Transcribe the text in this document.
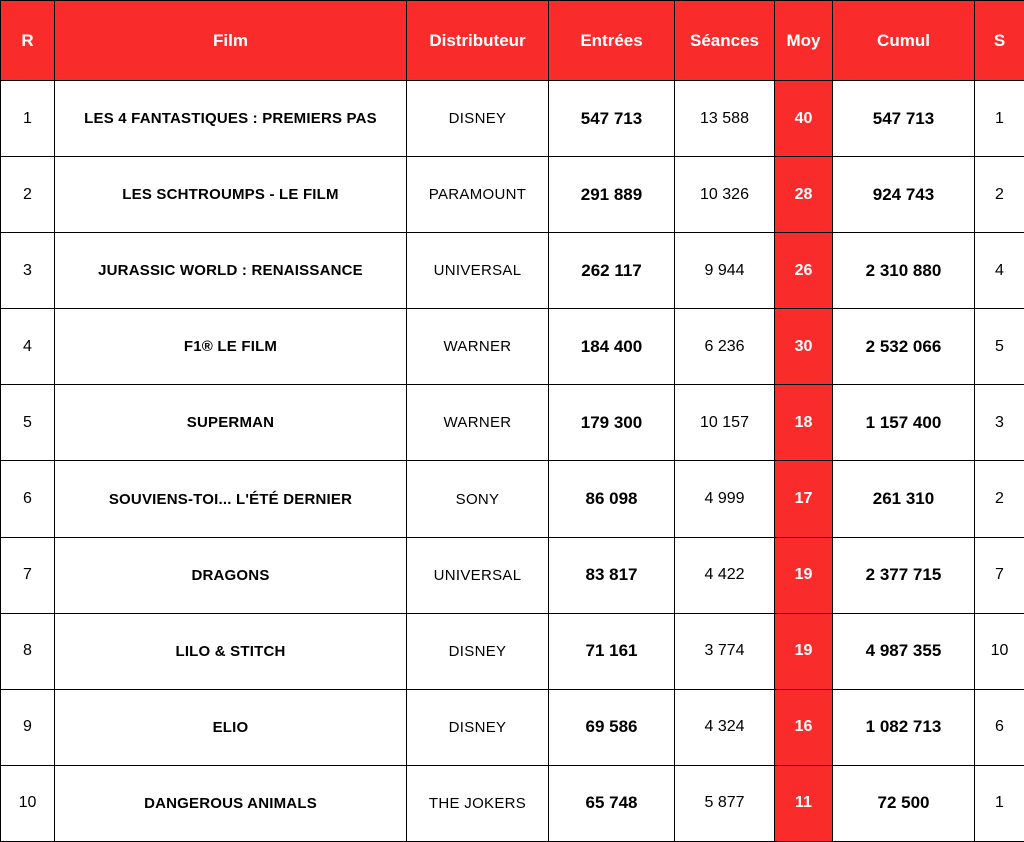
R	Film	Distributeur	Entrées	Séances	Moy	Cumul	S
1	LES 4 FANTASTIQUES : PREMIERS PAS	DISNEY	547 713	13 588	40	547 713	1
2	LES SCHTROUMPS - LE FILM	PARAMOUNT	291 889	10 326	28	924 743	2
3	JURASSIC WORLD : RENAISSANCE	UNIVERSAL	262 117	9 944	26	2 310 880	4
4	F1® LE FILM	WARNER	184 400	6 236	30	2 532 066	5
5	SUPERMAN	WARNER	179 300	10 157	18	1 157 400	3
6	SOUVIENS-TOI... L'ÉTÉ DERNIER	SONY	86 098	4 999	17	261 310	2
7	DRAGONS	UNIVERSAL	83 817	4 422	19	2 377 715	7
8	LILO & STITCH	DISNEY	71 161	3 774	19	4 987 355	10
9	ELIO	DISNEY	69 586	4 324	16	1 082 713	6
10	DANGEROUS ANIMALS	THE JOKERS	65 748	5 877	11	72 500	1
